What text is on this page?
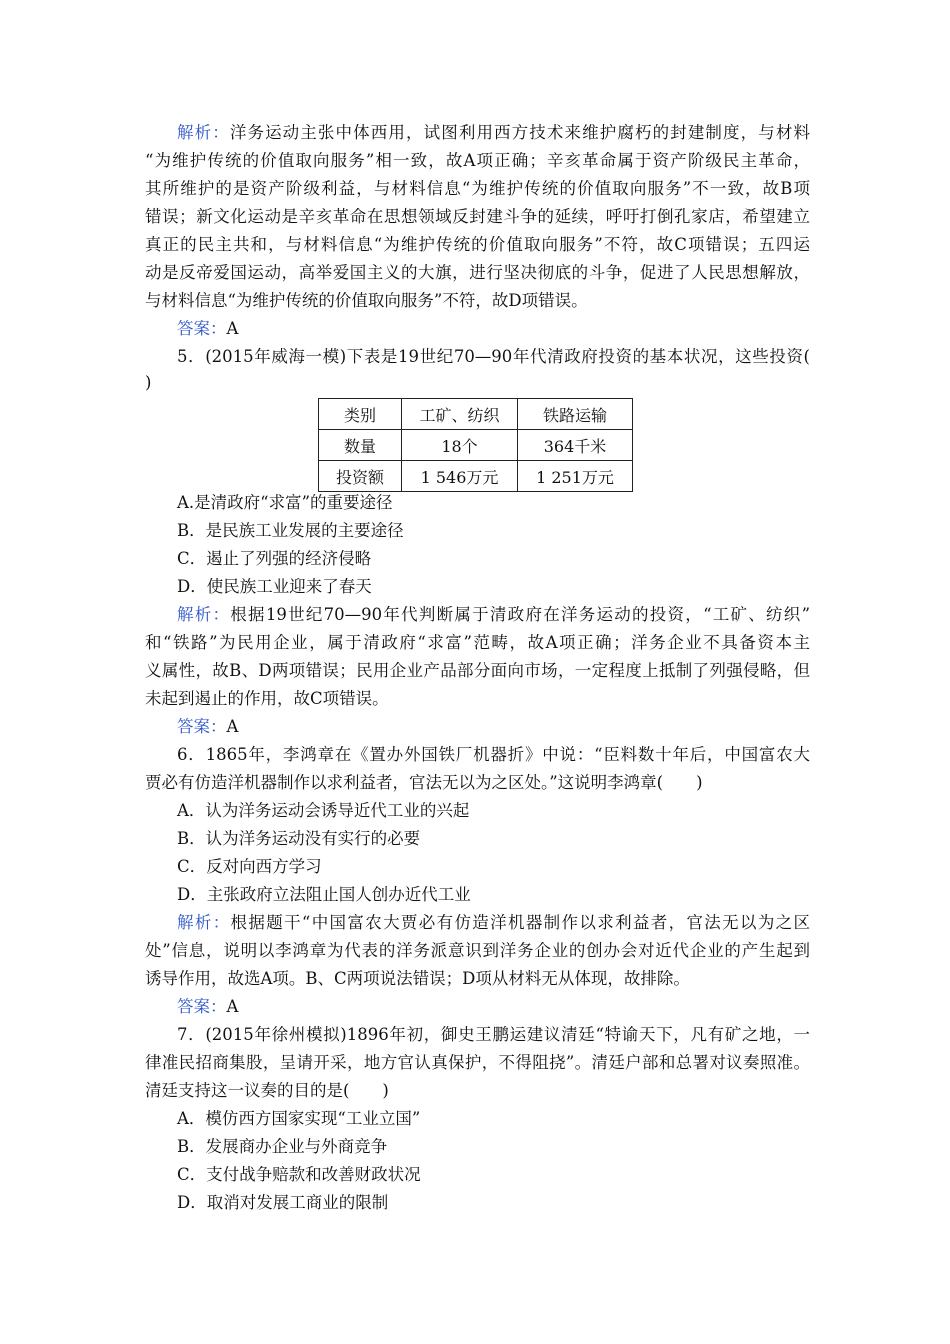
解析：洋务运动主张中体西用，试图利用西方技术来维护腐朽的封建制度，与材料
“为维护传统的价值取向服务”相一致，故A项正确；辛亥革命属于资产阶级民主革命，
其所维护的是资产阶级利益，与材料信息“为维护传统的价值取向服务”不一致，故B项
错误；新文化运动是辛亥革命在思想领域反封建斗争的延续，呼吁打倒孔家店，希望建立
真正的民主共和，与材料信息“为维护传统的价值取向服务”不符，故C项错误；五四运
动是反帝爱国运动，高举爱国主义的大旗，进行坚决彻底的斗争，促进了人民思想解放，
与材料信息“为维护传统的价值取向服务”不符，故D项错误。
答案：A
5．(2015年威海一模)下表是19世纪70—90年代清政府投资的基本状况，这些投资(
)
类别	工矿、纺织	铁路运输
数量	18个	364千米
投资额	1 546万元	1 251万元
A.是清政府“求富”的重要途径
B．是民族工业发展的主要途径
C．遏止了列强的经济侵略
D．使民族工业迎来了春天
解析：根据19世纪70—90年代判断属于清政府在洋务运动的投资，“工矿、纺织”
和“铁路”为民用企业，属于清政府“求富”范畴，故A项正确；洋务企业不具备资本主
义属性，故B、D两项错误；民用企业产品部分面向市场，一定程度上抵制了列强侵略，但
未起到遏止的作用，故C项错误。
答案：A
6．1865年，李鸿章在《置办外国铁厂机器折》中说：“臣料数十年后，中国富农大
贾必有仿造洋机器制作以求利益者，官法无以为之区处。”这说明李鸿章(　　)
A．认为洋务运动会诱导近代工业的兴起
B．认为洋务运动没有实行的必要
C．反对向西方学习
D．主张政府立法阻止国人创办近代工业
解析：根据题干“中国富农大贾必有仿造洋机器制作以求利益者，官法无以为之区
处”信息，说明以李鸿章为代表的洋务派意识到洋务企业的创办会对近代企业的产生起到
诱导作用，故选A项。B、C两项说法错误；D项从材料无从体现，故排除。
答案：A
7．(2015年徐州模拟)1896年初，御史王鹏运建议清廷“特谕天下，凡有矿之地，一
律准民招商集股，呈请开采，地方官认真保护，不得阻挠”。清廷户部和总署对议奏照准。
清廷支持这一议奏的目的是(　　)
A．模仿西方国家实现“工业立国”
B．发展商办企业与外商竞争
C．支付战争赔款和改善财政状况
D．取消对发展工商业的限制
